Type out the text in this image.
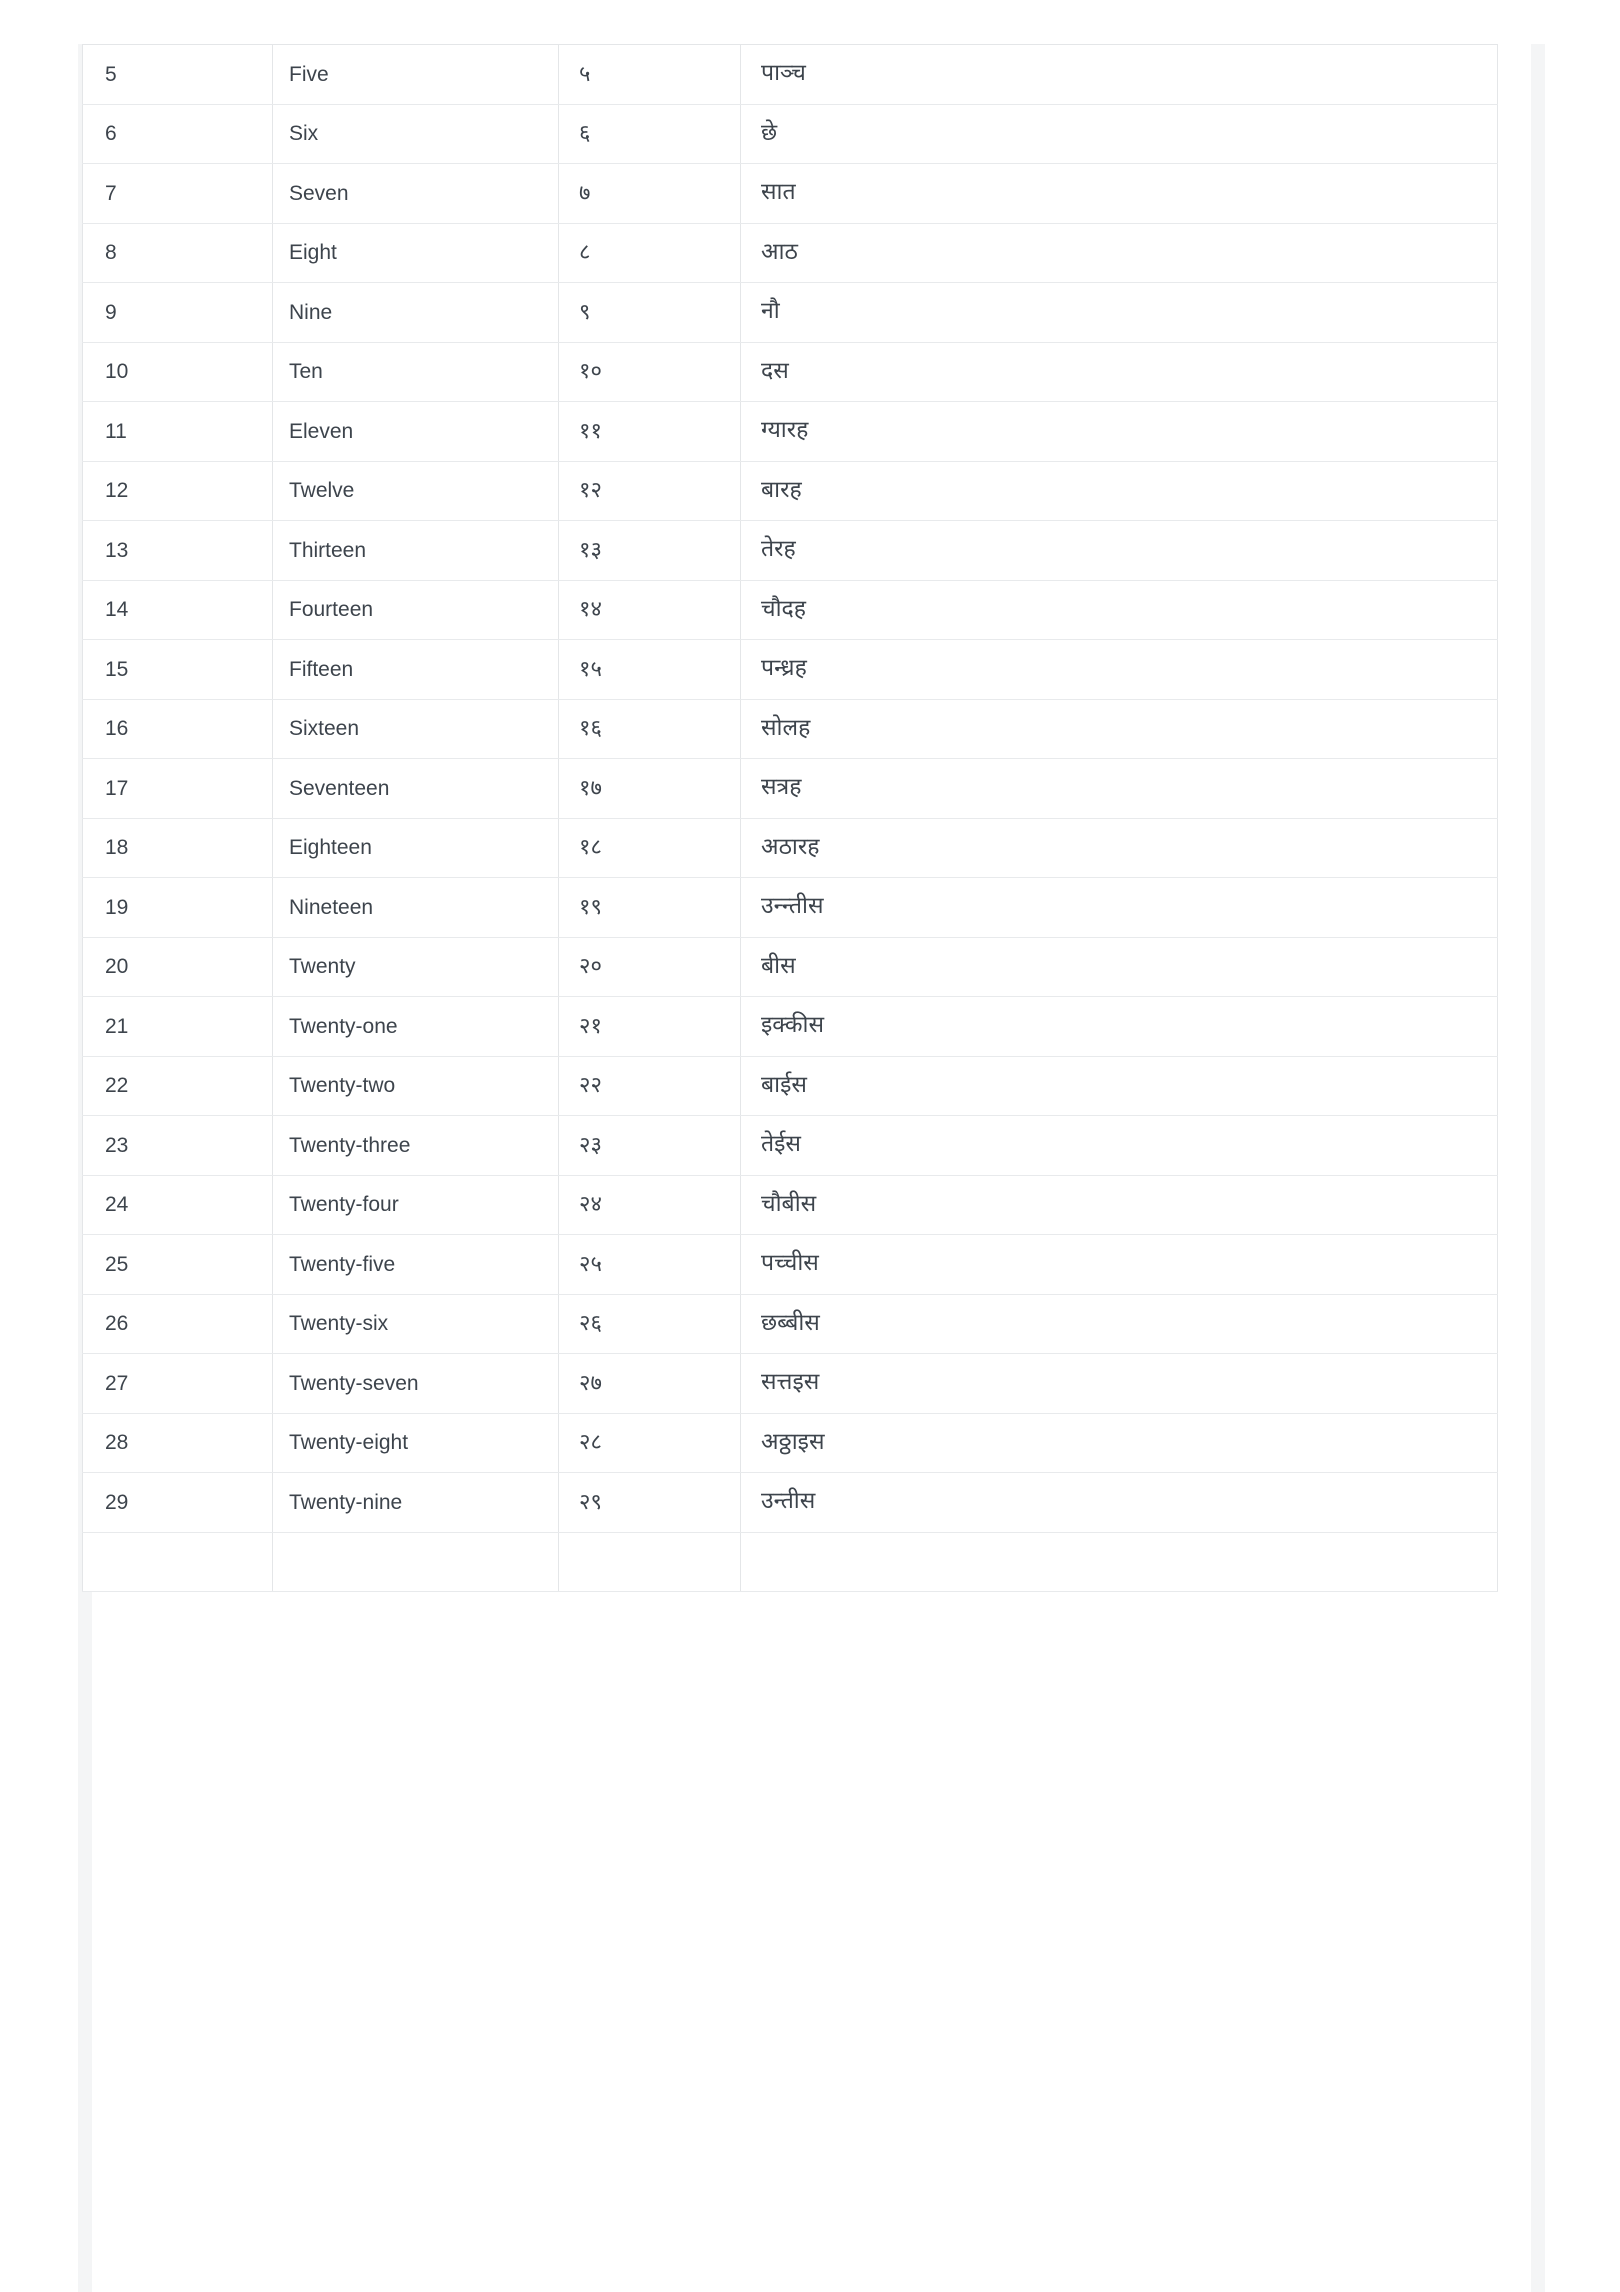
5	Five	५	पाञ्च
6	Six	६	छे
7	Seven	७	सात
8	Eight	८	आठ
9	Nine	९	नौ
10	Ten	१०	दस
11	Eleven	११	ग्यारह
12	Twelve	१२	बारह
13	Thirteen	१३	तेरह
14	Fourteen	१४	चौदह
15	Fifteen	१५	पन्ध्रह
16	Sixteen	१६	सोलह
17	Seventeen	१७	सत्रह
18	Eighteen	१८	अठारह
19	Nineteen	१९	उन्न्तीस
20	Twenty	२०	बीस
21	Twenty-one	२१	इक्कीस
22	Twenty-two	२२	बाईस
23	Twenty-three	२३	तेईस
24	Twenty-four	२४	चौबीस
25	Twenty-five	२५	पच्चीस
26	Twenty-six	२६	छब्बीस
27	Twenty-seven	२७	सत्तइस
28	Twenty-eight	२८	अठ्ठाइस
29	Twenty-nine	२९	उन्तीस
